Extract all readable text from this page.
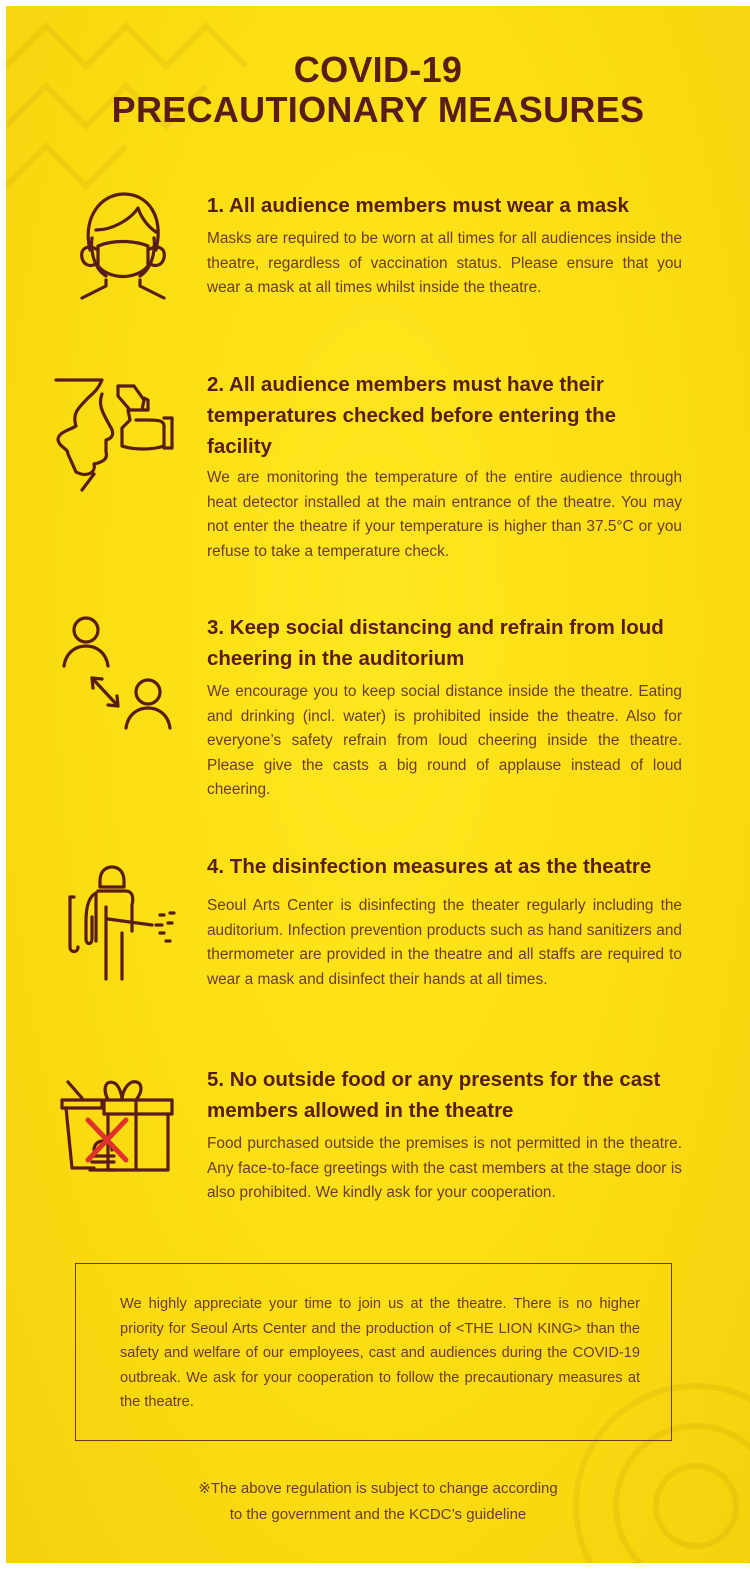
COVID-19
PRECAUTIONARY MEASURES
1. All audience members must wear a mask

Masks are required to be worn at all times for all audiences inside the theatre, regardless of vaccination status. Please ensure that you wear a mask at all times whilst inside the theatre.

2. All audience members must have their temperatures checked before entering the facility

We are monitoring the temperature of the entire audience through heat detector installed at the main entrance of the theatre. You may not enter the theatre if your temperature is higher than 37.5°C or you refuse to take a temperature check.

3. Keep social distancing and refrain from loud cheering in the auditorium

We encourage you to keep social distance inside the theatre. Eating and drinking (incl. water) is prohibited inside the theatre. Also for everyone’s safety refrain from loud cheering inside the theatre. Please give the casts a big round of applause instead of loud cheering.

4. The disinfection measures at as the theatre

Seoul Arts Center is disinfecting the theater regularly including the auditorium. Infection prevention products such as hand sanitizers and thermometer are provided in the theatre and all staffs are required to wear a mask and disinfect their hands at all times.

5. No outside food or any presents for the cast members allowed in the theatre

Food purchased outside the premises is not permitted in the theatre. Any face-to-face greetings with the cast members at the stage door is also prohibited. We kindly ask for your cooperation.

We highly appreciate your time to join us at the theatre. There is no higher priority for Seoul Arts Center and the production of <THE LION KING> than the safety and welfare of our employees, cast and audiences during the COVID-19 outbreak. We ask for your cooperation to follow the precautionary measures at the theatre.

※The above regulation is subject to change according
to the government and the KCDC’s guideline
